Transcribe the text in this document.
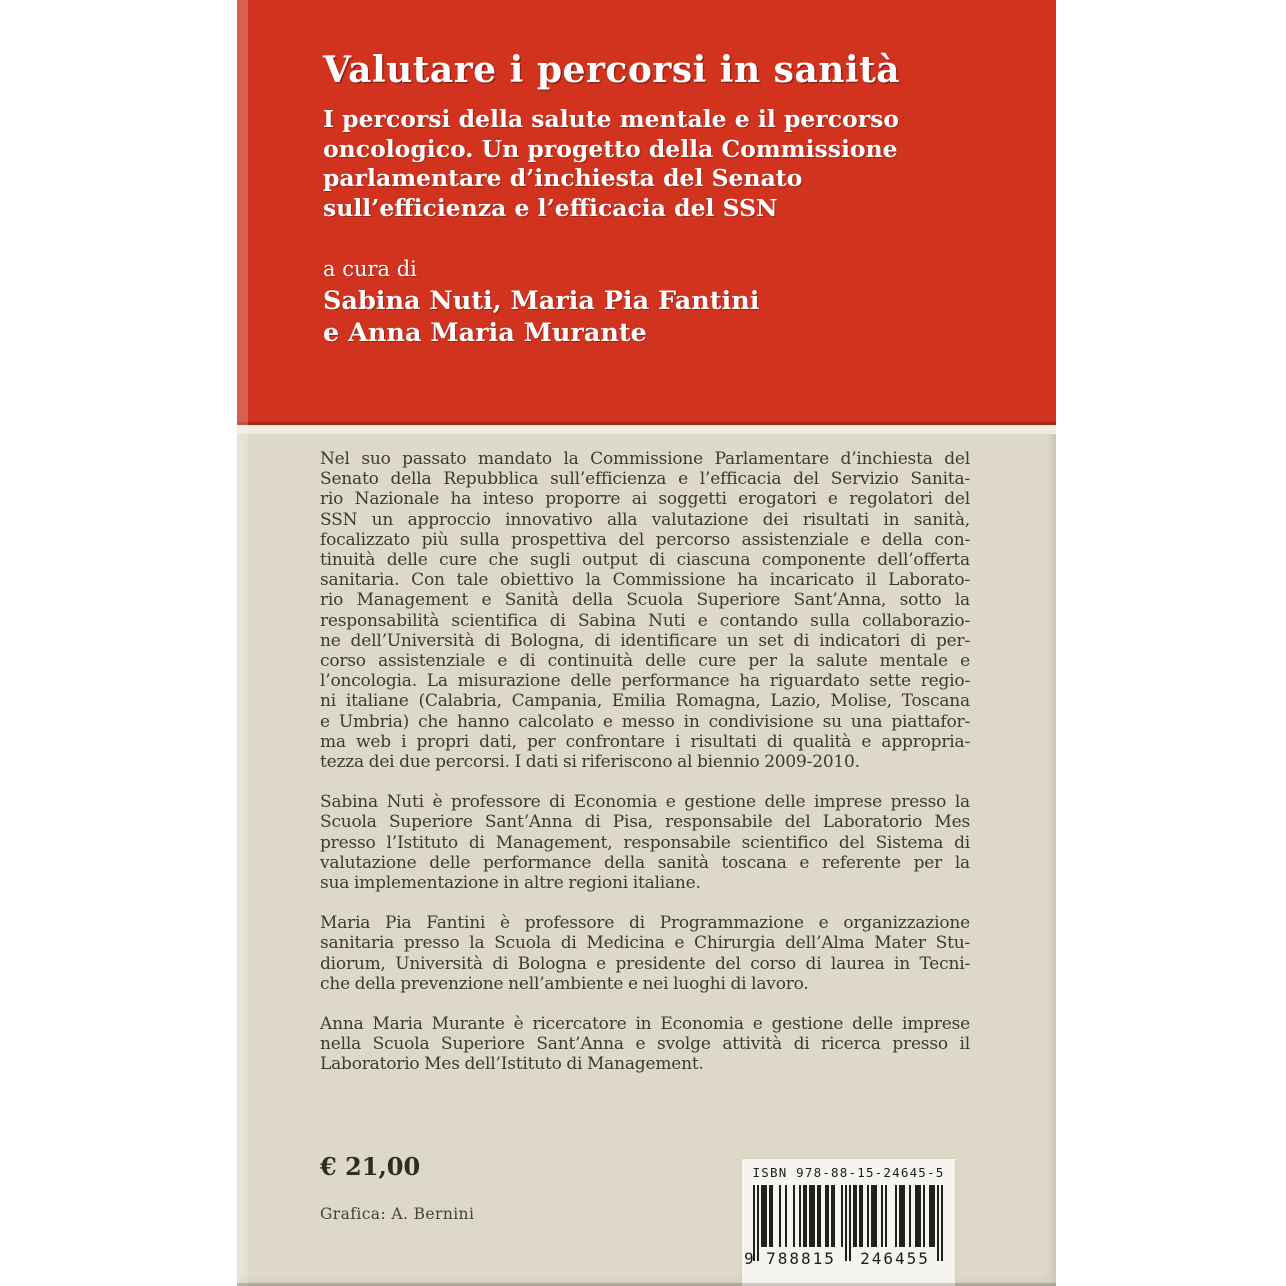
Valutare i percorsi in sanità
I percorsi della salute mentale e il percorso
oncologico. Un progetto della Commissione
parlamentare d’inchiesta del Senato
sull’efficienza e l’efficacia del SSN
a cura di
Sabina Nuti, Maria Pia Fantini
e Anna Maria Murante
Nel suo passato mandato la Commissione Parlamentare d’inchiesta del
Senato della Repubblica sull’efficienza e l’efficacia del Servizio Sanita-
rio Nazionale ha inteso proporre ai soggetti erogatori e regolatori del
SSN un approccio innovativo alla valutazione dei risultati in sanità,
focalizzato più sulla prospettiva del percorso assistenziale e della con-
tinuità delle cure che sugli output di ciascuna componente dell’offerta
sanitaria. Con tale obiettivo la Commissione ha incaricato il Laborato-
rio Management e Sanità della Scuola Superiore Sant’Anna, sotto la
responsabilità scientifica di Sabina Nuti e contando sulla collaborazio-
ne dell’Università di Bologna, di identificare un set di indicatori di per-
corso assistenziale e di continuità delle cure per la salute mentale e
l’oncologia. La misurazione delle performance ha riguardato sette regio-
ni italiane (Calabria, Campania, Emilia Romagna, Lazio, Molise, Toscana
e Umbria) che hanno calcolato e messo in condivisione su una piattafor-
ma web i propri dati, per confrontare i risultati di qualità e appropria-
tezza dei due percorsi. I dati si riferiscono al biennio 2009-2010.
Sabina Nuti è professore di Economia e gestione delle imprese presso la
Scuola Superiore Sant’Anna di Pisa, responsabile del Laboratorio Mes
presso l’Istituto di Management, responsabile scientifico del Sistema di
valutazione delle performance della sanità toscana e referente per la
sua implementazione in altre regioni italiane.
Maria Pia Fantini è professore di Programmazione e organizzazione
sanitaria presso la Scuola di Medicina e Chirurgia dell’Alma Mater Stu-
diorum, Università di Bologna e presidente del corso di laurea in Tecni-
che della prevenzione nell’ambiente e nei luoghi di lavoro.
Anna Maria Murante è ricercatore in Economia e gestione delle imprese
nella Scuola Superiore Sant’Anna e svolge attività di ricerca presso il
Laboratorio Mes dell’Istituto di Management.
€ 21,00
Grafica: A. Bernini
ISBN 978-88-15-24645-5
9 788815	246455
